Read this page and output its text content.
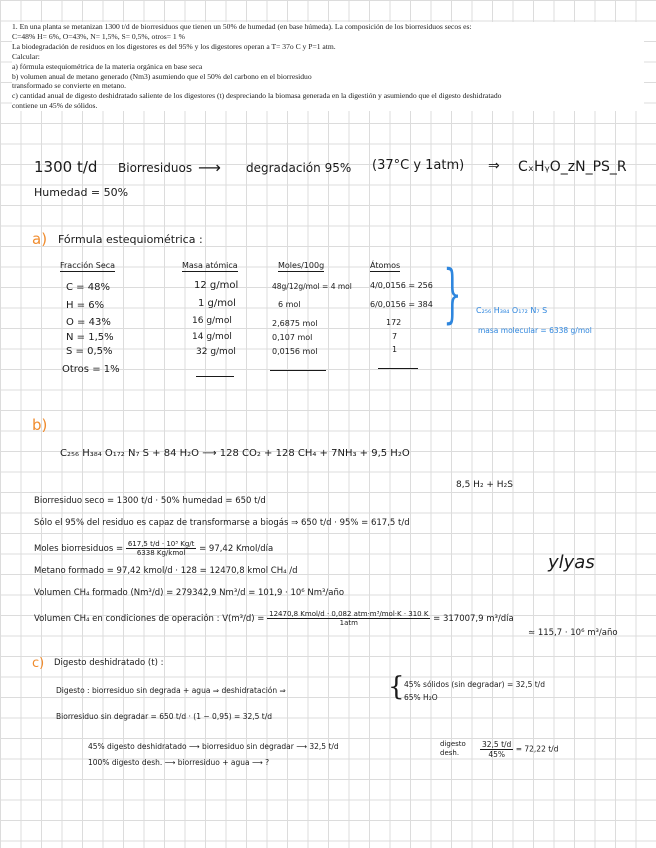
1. En una planta se metanizan 1300 t/d de biorresiduos que tienen un 50% de humedad (en base húmeda). La composición de los biorresiduos secos es:
C=48% H= 6%, O=43%, N= 1,5%, S= 0,5%, otros= 1 %
La biodegradación de residuos en los digestores es del 95% y los digestores operan a T= 37o C y P=1 atm.
Calcular:
a) fórmula estequiométrica de la materia orgánica en base seca
b) volumen anual de metano generado (Nm3) asumiendo que el 50% del carbono en el biorresiduo
transformado se convierte en metano.
c) cantidad anual de digesto deshidratado saliente de los digestores (t) despreciando la biomasa generada en la digestión y asumiendo que el digesto deshidratado
contiene un 45% de sólidos.
1300 t/d Biorresiduos ⟶ degradación 95% (37°C y 1atm) ⇒ CₓHᵧO_zN_PS_R
Humedad = 50%
a) Fórmula estequiométrica :
Fracción Seca	Masa atómica	Moles/100g	Átomos
C = 48%	12 g/mol	48g/12g/mol = 4 mol 4/0,0156 = 256
H = 6%	1 g/mol	6 mol	6/0,0156 = 384
O = 43%	16 g/mol	2,6875 mol	172
N = 1,5%	14 g/mol	0,107 mol	7
S = 0,5%	32 g/mol	0,0156 mol	1
Otros = 1%
} C₂₅₆ H₃₈₄ O₁₇₂ N₇ S
masa molecular = 6338 g/mol
b)
C₂₅₆ H₃₈₄ O₁₇₂ N₇ S + 84 H₂O ⟶ 128 CO₂ + 128 CH₄ + 7NH₃ + 9,5 H₂O
8,5 H₂ + H₂S
Biorresiduo seco = 1300 t/d · 50% humedad = 650 t/d
Sólo el 95% del residuo es capaz de transformarse a biogás ⇒ 650 t/d · 95% = 617,5 t/d
Moles biorresiduos = $\frac{\text{617,5 t/d · 10³ Kg/t}}{\text{6338 Kg/kmol}} = 97,42$ Kmol/día
Metano formado = 97,42 kmol/d · 128 = 12470,8 kmol CH₄ /d
Volumen CH₄ formado (Nm³/d) = 279342,9 Nm³/d = 101,9 · 10⁶ Nm³/año
Volumen CH₄ en condiciones de operación : $V(m^3/d) = \frac{\text{12470,8 Kmol/d · 0,082 atm·m³/mol·K · 310 K}}{\text{1atm}} = 317007,9$ m³/día
≃ 115,7 · 10⁶ m³/año
ylyas
c) Digesto deshidratado (t) :
Digesto : biorresiduo sin degrada + agua ⇒ deshidratación ⇒	{ 45% sólidos (sin degradar) = 32,5 t/d
65% H₂O
Biorresiduo sin degradar = 650 t/d · (1 − 0,95) = 32,5 t/d
45% digesto deshidratado ⟶ biorresiduo sin degradar ⟶ 32,5 t/d
100% digesto desh. ⟶ biorresiduo + agua ⟶ ?
digesto desh.	$\frac{32,5 t/d}{45\%} = 72,22$ t/d
